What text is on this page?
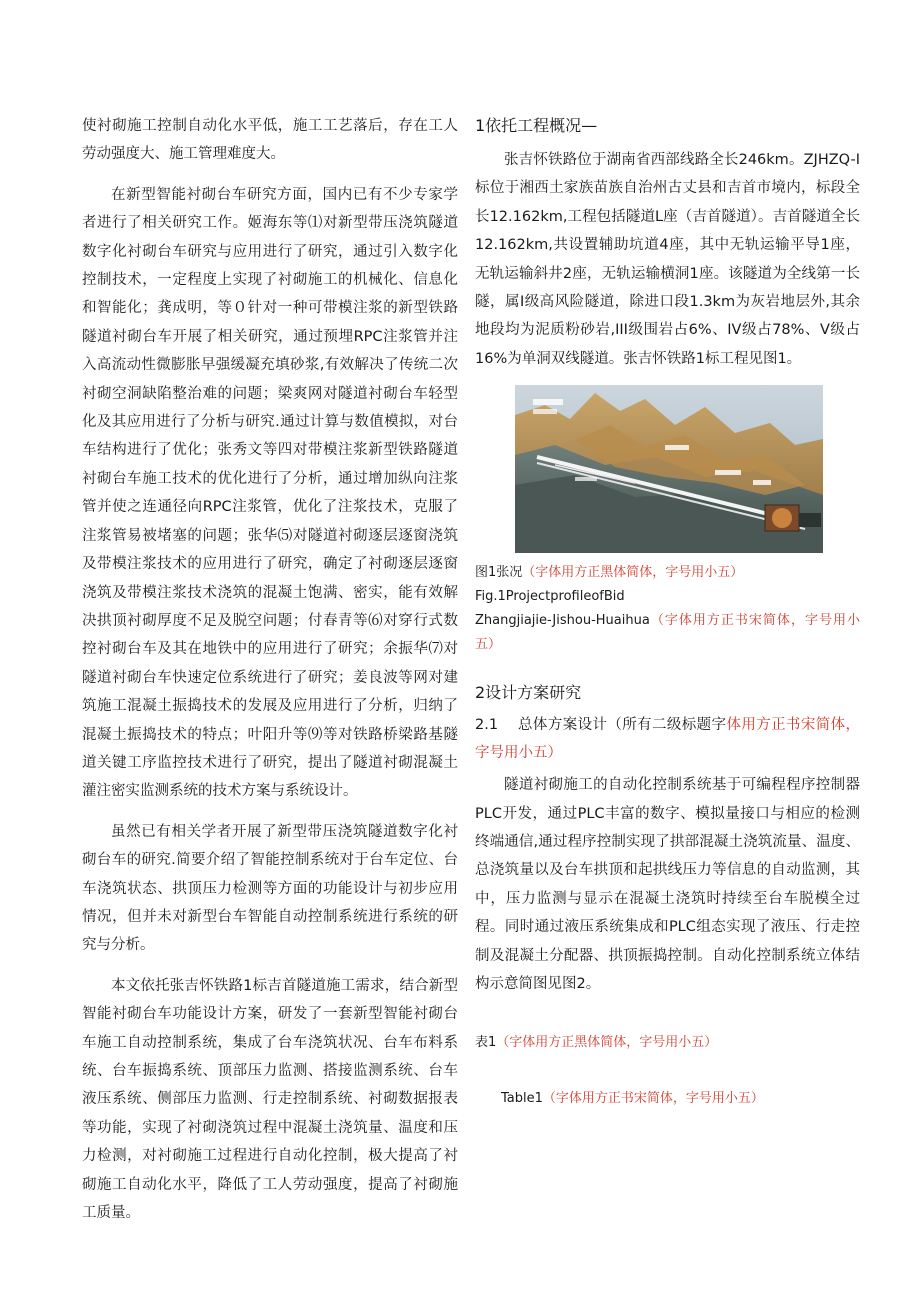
使衬砌施工控制自动化水平低，施工工艺落后，存在工人劳动强度大、施工管理难度大。

在新型智能衬砌台车研究方面，国内已有不少专家学者进行了相关研究工作。姬海东等⑴对新型带压浇筑隧道数字化衬砌台车研究与应用进行了研究，通过引入数字化控制技术，一定程度上实现了衬砌施工的机械化、信息化和智能化；龚成明，等０针对一种可带模注浆的新型铁路隧道衬砌台车开展了相关研究，通过预埋RPC注浆管并注入高流动性微膨胀早强缓凝充填砂浆,有效解决了传统二次衬砌空洞缺陷整治难的问题；梁爽网对隧道衬砌台车轻型化及其应用进行了分析与研究.通过计算与数值模拟，对台车结构进行了优化；张秀文等四对带模注浆新型铁路隧道衬砌台车施工技术的优化进行了分析，通过增加纵向注浆管并使之连通径向RPC注浆管，优化了注浆技术，克服了注浆管易被堵塞的问题；张华⑸对隧道衬砌逐层逐窗浇筑及带模注浆技术的应用进行了研究，确定了衬砌逐层逐窗浇筑及带模注浆技术浇筑的混凝土饱满、密实，能有效解决拱顶衬砌厚度不足及脱空问题；付春青等⑹对穿行式数控衬砌台车及其在地铁中的应用进行了研究；余振华⑺对隧道衬砌台车快速定位系统进行了研究；姜良波等网对建筑施工混凝土振捣技术的发展及应用进行了分析，归纳了混凝土振捣技术的特点；叶阳升等⑼等对铁路桥梁路基隧道关键工序监控技术进行了研究，提出了隧道衬砌混凝土灌注密实监测系统的技术方案与系统设计。

虽然已有相关学者开展了新型带压浇筑隧道数字化衬砌台车的研究.简要介绍了智能控制系统对于台车定位、台车浇筑状态、拱顶压力检测等方面的功能设计与初步应用情况，但并未对新型台车智能自动控制系统进行系统的研究与分析。

本文依托张吉怀铁路1标吉首隧道施工需求，结合新型智能衬砌台车功能设计方案，研发了一套新型智能衬砌台车施工自动控制系统，集成了台车浇筑状况、台车布料系统、台车振捣系统、顶部压力监测、搭接监测系统、台车液压系统、侧部压力监测、行走控制系统、衬砌数据报表等功能，实现了衬砌浇筑过程中混凝土浇筑量、温度和压力检测，对衬砌施工过程进行自动化控制，极大提高了衬砌施工自动化水平，降低了工人劳动强度，提高了衬砌施工质量。

1依托工程概况—

张吉怀铁路位于湖南省西部线路全长246km。ZJHZQ-I标位于湘西土家族苗族自治州古丈县和吉首市境内，标段全长12.162km,工程包括隧道L座（吉首隧道）。吉首隧道全长12.162km,共设置辅助坑道4座，其中无轨运输平导1座，无轨运输斜井2座，无轨运输横洞1座。该隧道为全线第一长隧，属I级高风险隧道，除进口段1.3km为灰岩地层外,其余地段均为泥质粉砂岩,III级围岩占6%、IV级占78%、V级占16%为单洞双线隧道。张吉怀铁路1标工程见图1。

图1张况（字体用方正黑体简体，字号用小五）

Fig.1ProjectprofileofBid

Zhangjiajie-Jishou-Huaihua（字体用方正书宋简体，字号用小五）

2设计方案研究

2.1 总体方案设计（所有二级标题字体用方正书宋简体，字号用小五）

隧道衬砌施工的自动化控制系统基于可编程程序控制器PLC开发，通过PLC丰富的数字、模拟量接口与相应的检测终端通信,通过程序控制实现了拱部混凝土浇筑流量、温度、总浇筑量以及台车拱顶和起拱线压力等信息的自动监测，其中，压力监测与显示在混凝土浇筑时持续至台车脱模全过程。同时通过液压系统集成和PLC组态实现了液压、行走控制及混凝土分配器、拱顶振捣控制。自动化控制系统立体结构示意简图见图2。

表1（字体用方正黑体简体，字号用小五）

Table1（字体用方正书宋简体，字号用小五）
